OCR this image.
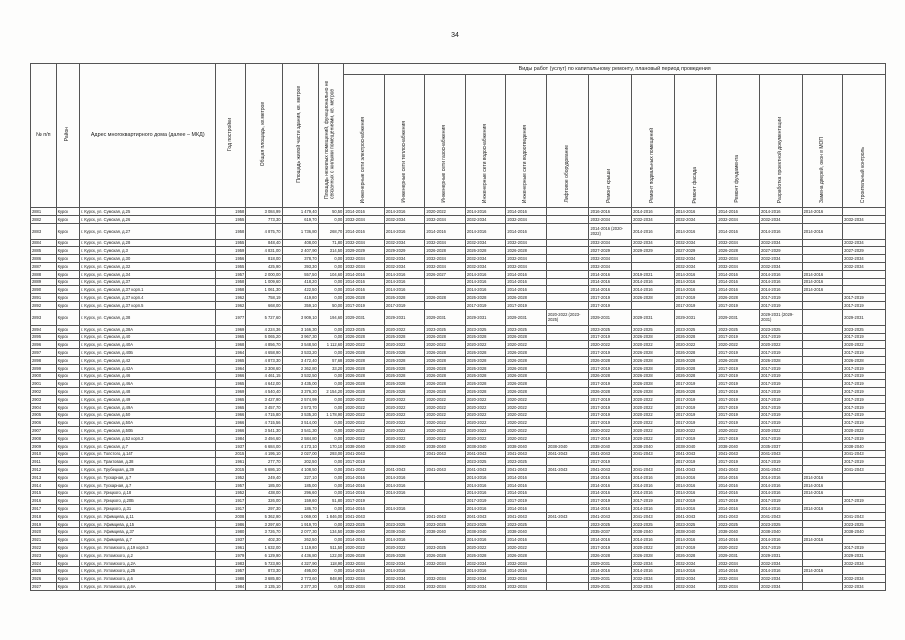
34
№ п/п	Район	Адрес многоквартирного дома (далее – МКД)	Год постройки	Общая площадь, кв.метров	Площадь жилой части здания, кв. метров	Площадь нежилых помещений, функционально не связанных с жилыми помещениями, кв. метров	Виды работ (услуг) по капитальному ремонту, плановый период проведения												
							Инженерные сети электроснабжения	Инженерные сети теплоснабжения	Инженерные сети газоснабжения	Инженерные сети водоснабжения	Инженерные сети водоотведения	Лифтовое оборудование	Ремонт крыши	Ремонт подвальных помещений	Ремонт фасада	Ремонт фундамента	Разработка проектной документации	Замена дверей, окон в МОП	Строительный контроль
2881	Курск	г. Курск, ул. Сумская, д.25	1958	3 084,99	1 479,40	50,50	2014-2016	2014-2016	2020-2022	2014-2016	2014-2016		2016-2016	2014-2016	2014-2016	2014-2016	2014-2016	2014-2016	
2882	Курск	г. Курск, ул. Сумская, д.26	1955	773,30	619,70	0,00	2032-2034	2032-2034	2032-2034	2032-2034	2032-2034		2032-2034	2032-2034	2032-2034	2032-2034	2032-2034		2032-2034
2883	Курск	г. Курск, ул. Сумская, д.27	1958	4 875,70	1 736,80	268,70	2014-2016	2014-2016	2014-2016	2014-2016	2014-2016		2014-2016 (2020-2022)	2014-2016	2014-2016	2014-2016	2014-2016	2014-2016	
2884	Курск	г. Курск, ул. Сумская, д.28	1955	848,40	408,00	71,80	2032-2034	2032-2034	2032-2034	2032-2034	2032-2034		2032-2034	2032-2034	2032-2034	2032-2034	2032-2034		2032-2034
2885	Курск	г. Курск, ул. Сумская, д.3	1959	4 831,00	2 407,90	314,50	2029-2029	2029-2029	2026-2028	2026-2028	2026-2028		2027-2029	2029-2029	2027-2029	2026-2028	2027-2029		2027-2029
2886	Курск	г. Курск, ул. Сумская, д.30	1956	818,00	378,70	0,00	2032-2034	2032-2034	2032-2034	2032-2034	2032-2034		2032-2034		2032-2034	2032-2034	2032-2034		2032-2034
2887	Курск	г. Курск, ул. Сумская, д.32	1955	425,90	393,30	0,00	2032-2034	2032-2034	2032-2034	2032-2034	2032-2034		2032-2034		2032-2034	2032-2034	2032-2034		2032-2034
2888	Курск	г. Курск, ул. Сумская, д.34	1957	2 000,00	557,50	104,60	2014-2016	2014-2016	2026-2027	2014-2016	2014-2016		2014-2016	2019-2021	2014-2016	2014-2016	2014-2016	2014-2016	
2889	Курск	г. Курск, ул. Сумская, д.37	1958	1 009,60	418,20	0,00	2014-2016	2014-2016		2014-2016	2014-2016		2014-2016	2014-2016	2014-2016	2014-2016	2014-2016	2014-2016	
2890	Курск	г. Курск, ул. Сумская, д.37 корп.1	1958	1 061,30	422,50	0,00	2014-2016	2014-2016		2014-2016	2014-2016		2014-2016	2014-2016	2014-2016	2014-2016	2014-2016	2014-2016	
2891	Курск	г. Курск, ул. Сумская, д.37 корп.4	1962	758,19	419,80	0,00	2026-2028	2026-2028	2026-2028	2026-2028	2026-2028		2017-2019	2026-2028	2017-2019	2026-2028	2017-2019		2017-2019
2892	Курск	г. Курск, ул. Сумская, д.37 корп.5	1962	668,00	359,10	50,00	2017-2019	2017-2019		2017-2019	2017-2019		2017-2019		2017-2019	2017-2019	2017-2019		2017-2019
2893	Курск	г. Курск, ул. Сумская, д.38	1977	5 727,60	3 909,10	194,60	2029-2031	2029-2031	2029-2031	2029-2031	2029-2031	2020-2022 (2023-2025)	2029-2031	2029-2031	2029-2031	2029-2031	2029-2031 (2029-2031)		2029-2031
2894	Курск	г. Курск, ул. Сумская, д.38А	1969	4 224,36	3 166,30	0,00	2023-2025	2020-2022	2023-2025	2023-2025	2023-2025		2023-2025	2023-2025	2023-2025	2023-2025	2023-2025		2023-2025
2895	Курск	г. Курск, ул. Сумская, д.40	1965	5 065,20	3 967,30	0,00	2026-2028	2026-2028	2026-2028	2026-2028	2026-2028		2017-2019	2026-2028	2026-2028	2017-2019	2017-2019		2017-2019
2896	Курск	г. Курск, ул. Сумская, д.40А	1968	4 856,70	3 548,50	1 112,60	2020-2022	2020-2022	2020-2022	2020-2022	2020-2022		2020-2022	2020-2022	2020-2022	2020-2022	2020-2022		2020-2022
2897	Курск	г. Курск, ул. Сумская, д.40Б	1964	4 658,90	3 533,20	0,00	2026-2028	2026-2028	2026-2028	2026-2028	2026-2028		2017-2019	2026-2028	2026-2028	2017-2019	2017-2019		2017-2019
2898	Курск	г. Курск, ул. Сумская, д.42	1965	4 873,30	3 472,40	57,68	2026-2028	2026-2028	2026-2028	2026-2028	2026-2028		2026-2028	2026-2028	2026-2028	2026-2028	2026-2028		2026-2028
2899	Курск	г. Курск, ул. Сумская, д.42А	1964	3 308,60	2 362,80	33,20	2026-2028	2026-2028	2026-2028	2026-2028	2026-2028		2017-2019	2026-2028	2026-2028	2017-2019	2017-2019		2017-2019
2900	Курск	г. Курск, ул. Сумская, д.46	1966	4 461,15	3 532,50	0,00	2026-2028	2026-2028	2026-2028	2026-2028	2026-2028		2026-2028	2026-2028	2026-2028	2017-2019	2017-2019		2017-2019
2901	Курск	г. Курск, ул. Сумская, д.46А	1965	4 642,00	3 435,00	0,00	2026-2028	2026-2028	2026-2028	2026-2028	2026-2028		2017-2019	2026-2028	2017-2019	2017-2019	2017-2019		2017-2019
2902	Курск	г. Курск, ул. Сумская, д.48	1969	4 540,40	3 376,20	2 154,20	2026-2028	2026-2028	2026-2028	2026-2028	2026-2028		2026-2028	2026-2028	2026-2028	2017-2019	2017-2019		2017-2019
2903	Курск	г. Курск, ул. Сумская, д.49	1965	3 427,90	2 574,99	0,00	2020-2022	2020-2022	2020-2022	2020-2022	2020-2022		2017-2019	2020-2022	2017-2019	2017-2019	2017-2019		2017-2019
2904	Курск	г. Курск, ул. Сумская, д.49А	1965	3 457,70	2 573,70	0,00	2020-2022	2020-2022	2020-2022	2020-2022	2020-2022		2017-2019	2020-2022	2017-2019	2017-2019	2017-2019		2017-2019
2905	Курск	г. Курск, ул. Сумская, д.50	1966	4 715,80	3 535,20	1 178,90	2020-2022	2020-2022	2020-2022	2020-2022	2020-2022		2017-2019	2020-2022	2017-2019	2017-2019	2017-2019		2017-2019
2906	Курск	г. Курск, ул. Сумская, д.50А	1966	4 715,56	3 514,00	0,00	2020-2022	2020-2022	2020-2022	2020-2022	2020-2022		2017-2019	2020-2022	2017-2019	2017-2019	2017-2019		2017-2019
2907	Курск	г. Курск, ул. Сумская, д.50Б	1966	3 541,30	3 541,30	0,00	2020-2022	2020-2022	2020-2022	2020-2022	2020-2022		2020-2022	2020-2022	2020-2022	2020-2022	2020-2022		2020-2022
2908	Курск	г. Курск, ул. Сумская, д.52 корп.2	1984	3 494,60	2 584,80	0,00	2020-2022	2020-2022	2020-2022	2020-2022	2020-2022		2017-2019	2020-2022	2017-2019	2017-2019	2017-2019		2017-2019
2909	Курск	г. Курск, ул. Сумская, д.7	1937	6 684,00	4 173,10	170,10	2038-2040	2038-2040	2038-2040	2038-2040	2038-2040	2038-2040	2038-2040	2038-2040	2038-2040	2038-2040	2035-2037		2038-2040
2910	Курск	г. Курск, ул. Толстого, д.14Г	2015	4 195,10	2 027,00	293,00	2041-2043		2041-2043	2041-2043	2041-2043	2041-2043	2041-2043	2041-2043	2041-2043	2041-2043	2041-2043		2041-2043
2911	Курск	г. Курск, ул. Трактовая, д.38	1961	277,70	202,50	0,00	2017-2019			2023-2025	2023-2025		2017-2019		2017-2019	2017-2019	2017-2019		2017-2019
2912	Курск	г. Курск, ул. Трубецкая, д.39	2015	5 686,10	4 108,50	0,00	2041-2043	2041-2043	2041-2043	2041-2043	2041-2043	2041-2043	2041-2043	2041-2043	2041-2043	2041-2043	2041-2043		2041-2043
2913	Курск	г. Курск, ул. Тускарная, д.7	1952	249,40	227,10	0,00	2014-2016	2014-2016		2014-2016	2014-2016		2014-2016	2014-2016	2014-2016	2014-2016	2014-2016	2014-2016	
2914	Курск	г. Курск, ул. Тускарная, д.7	1957	185,00	185,00	0,00	2014-2016	2014-2016		2014-2016	2014-2016		2014-2016	2014-2016	2014-2016	2014-2016	2014-2016	2014-2016	
2915	Курск	г. Курск, ул. Урицкого, д.18	1952	438,00	296,60	0,00	2014-2016	2014-2016		2014-2016	2014-2016		2014-2016	2014-2016	2014-2016	2014-2016	2014-2016	2014-2016	
2916	Курск	г. Курск, ул. Урицкого, д.20Б	1917	326,00	159,60	51,80	2017-2019			2017-2019	2017-2019		2017-2019	2017-2019	2017-2019	2017-2019	2017-2019		2017-2019
2917	Курск	г. Курск, ул. Урицкого, д.31	1917	297,30	186,70	0,00	2014-2016	2014-2016		2014-2016	2014-2016		2014-2016	2014-2016	2014-2016	2014-2016	2014-2016	2014-2016	
2918	Курск	г. Курск, ул. Уфимцева, д.11	2008	5 362,90	1 069,00	1 846,00	2041-2043		2041-2043	2041-2043	2041-2043	2041-2043	2041-2043	2041-2043	2041-2043	2041-2043	2041-2043		2041-2043
2919	Курск	г. Курск, ул. Уфимцева, д.15	1986	3 297,60	1 919,70	0,00	2023-2025	2023-2025	2023-2025	2023-2025	2023-2025		2023-2025	2023-2025	2023-2025	2023-2025	2023-2025		2023-2025
2920	Курск	г. Курск, ул. Уфимцева, д.37	1980	3 726,70	2 077,30	134,50	2038-2040	2038-2040	2038-2040	2038-2040	2038-2040		2035-2037	2038-2040	2038-2040	2038-2040	2038-2040		2038-2040
2921	Курск	г. Курск, ул. Уфимцева, д.7	1937	402,30	262,50	0,00	2014-2016	2014-2016		2014-2016	2014-2016		2014-2016	2014-2016	2014-2016	2014-2016	2014-2016	2014-2016	
2922	Курск	г. Курск, ул. Ухтомского, д.19 корп.3	1961	1 632,00	1 119,80	511,50	2020-2022	2020-2022	2023-2025	2020-2022	2020-2022		2017-2019	2020-2022	2017-2019	2020-2022	2017-2019		2017-2019
2923	Курск	г. Курск, ул. Ухтомского, д.2	1979	6 129,90	4 436,80	122,00	2026-2028	2026-2028	2026-2028	2026-2028	2026-2028		2026-2028	2026-2028	2026-2028	2029-2031	2029-2031		2029-2031
2924	Курск	г. Курск, ул. Ухтомского, д.2А	1983	5 723,90	4 327,90	118,90	2032-2034	2032-2034	2032-2034	2032-2034	2032-2034		2029-2031	2032-2034	2032-2034	2032-2034	2032-2034		2032-2034
2925	Курск	г. Курск, ул. Ухтомского, д.25	1957	873,30	495,00	0,00	2014-2016	2014-2016		2014-2016	2014-2016		2014-2016	2014-2016	2014-2016	2014-2016	2014-2016	2014-2016	
2926	Курск	г. Курск, ул. Ухтомского, д.6	1988	3 685,80	2 773,60	848,90	2032-2034	2032-2034	2032-2034	2032-2034	2032-2034		2029-2031	2032-2034	2032-2034	2032-2034	2032-2034		2032-2034
2927	Курск	г. Курск, ул. Ухтомского, д.6А	1984	3 135,10	2 377,20	0,00	2032-2034	2032-2034	2032-2034	2032-2034	2032-2034		2029-2031	2032-2034	2032-2034	2032-2034	2032-2034		2032-2034
